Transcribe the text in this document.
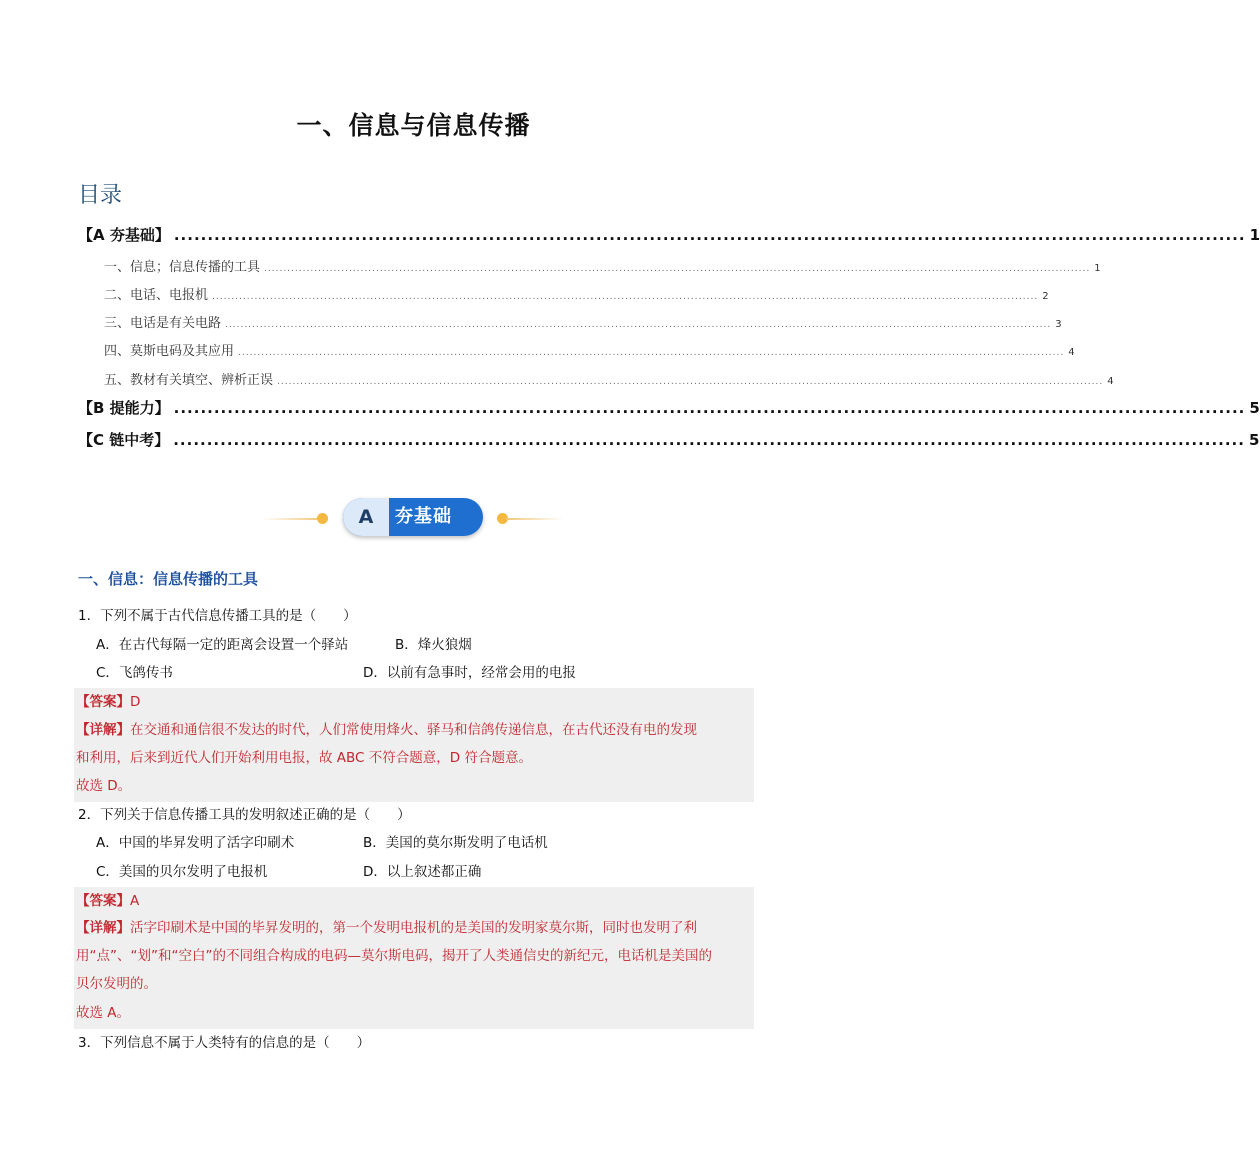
一、信息与信息传播
目录
【A 夯基础】 ................................................................................................................................................................ 1
一、信息；信息传播的工具 ...................................................................................................................................................................................................................... 1
二、电话、电报机 ...................................................................................................................................................................................................................... 2
三、电话是有关电路 ...................................................................................................................................................................................................................... 3
四、莫斯电码及其应用 ...................................................................................................................................................................................................................... 4
五、教材有关填空、辨析正误 ...................................................................................................................................................................................................................... 4
【B 提能力】 ................................................................................................................................................................ 5
【C 链中考】 ................................................................................................................................................................ 5
A	夯基础
一、信息：信息传播的工具
1．下列不属于古代信息传播工具的是（　　）
A．在古代每隔一定的距离会设置一个驿站	B．烽火狼烟
C．飞鸽传书	D．以前有急事时，经常会用的电报
【答案】D
【详解】在交通和通信很不发达的时代，人们常使用烽火、驿马和信鸽传递信息，在古代还没有电的发现
和利用，后来到近代人们开始利用电报，故 ABC 不符合题意，D 符合题意。
故选 D。
2．下列关于信息传播工具的发明叙述正确的是（　　）
A．中国的毕昇发明了活字印刷术	B．美国的莫尔斯发明了电话机
C．美国的贝尔发明了电报机	D．以上叙述都正确
【答案】A
【详解】活字印刷术是中国的毕昇发明的，第一个发明电报机的是美国的发明家莫尔斯，同时也发明了利
用“点”、“划”和“空白”的不同组合构成的电码—莫尔斯电码，揭开了人类通信史的新纪元，电话机是美国的
贝尔发明的。
故选 A。
3．下列信息不属于人类特有的信息的是（　　）
